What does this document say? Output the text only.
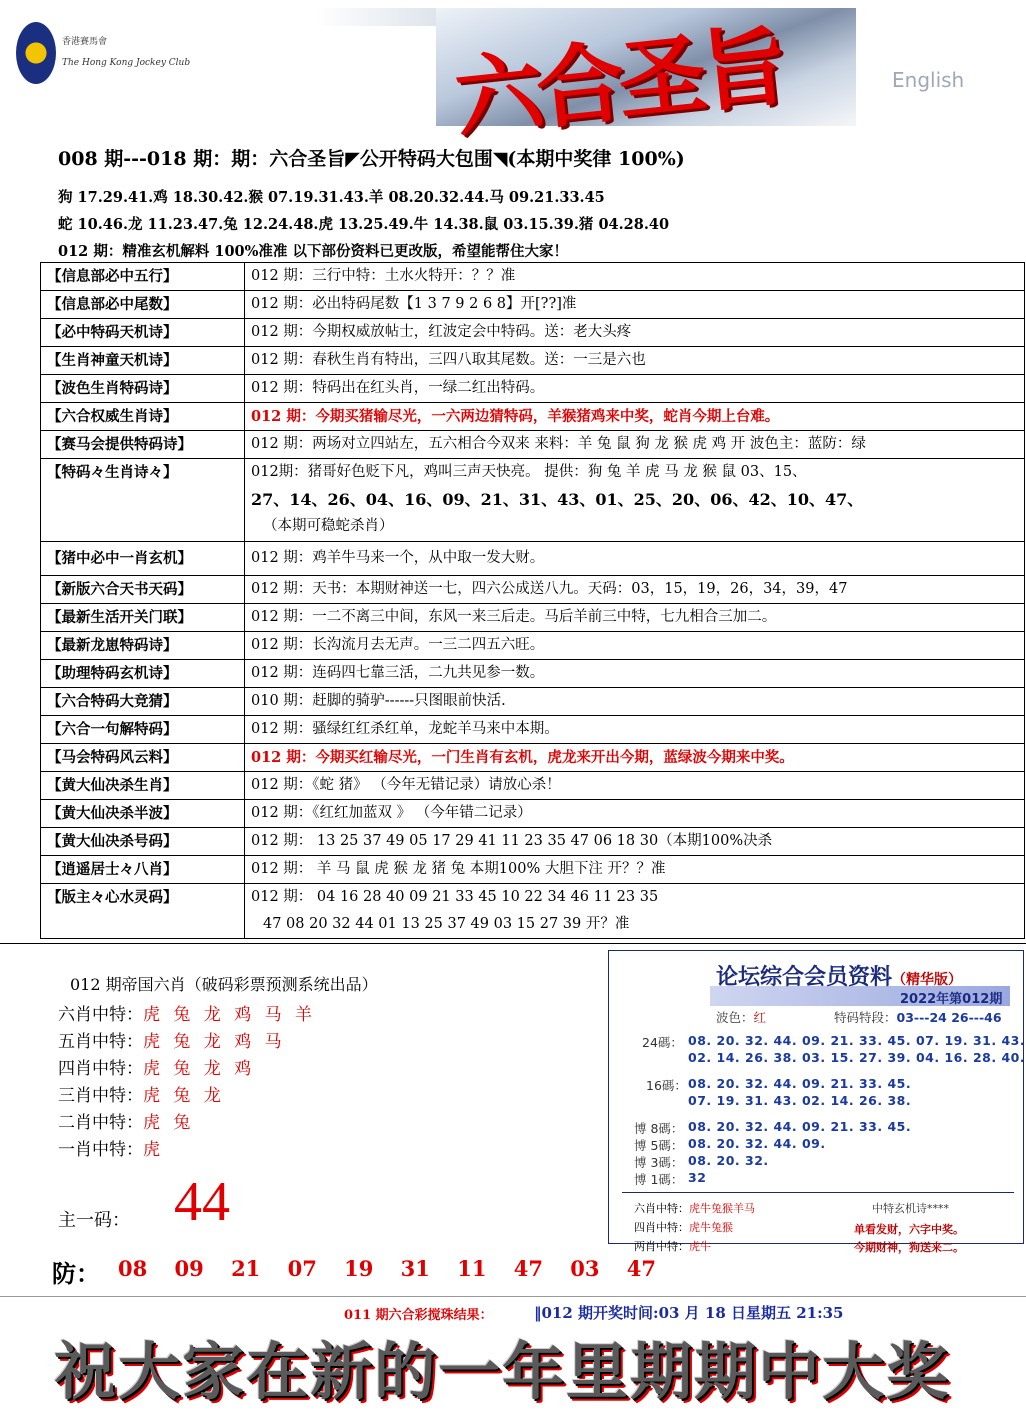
香港賽馬會
The Hong Kong Jockey Club	六合圣旨	English
008 期---018 期：期：六合圣旨◤公开特码大包围◥(本期中奖律 100%)
狗 17.29.41.鸡 18.30.42.猴 07.19.31.43.羊 08.20.32.44.马 09.21.33.45
蛇 10.46.龙 11.23.47.兔 12.24.48.虎 13.25.49.牛 14.38.鼠 03.15.39.猪 04.28.40
012 期：精准玄机解料 100%准准 以下部份资料已更改版，希望能帮住大家！
【信息部必中五行】	012 期：三行中特：土水火特开：？？准
【信息部必中尾数】	012 期：必出特码尾数【1 3 7 9 2 6 8】开[??]准
【必中特码天机诗】	012 期：今期权威放帖士，红波定会中特码。送：老大头疼
【生肖神童天机诗】	012 期：春秋生肖有特出，三四八取其尾数。送：一三是六也
【波色生肖特码诗】	012 期：特码出在红头肖，一绿二红出特码。
【六合权威生肖诗】	012 期：今期买猪输尽光，一六两边猜特码，羊猴猪鸡来中奖，蛇肖今期上台难。
【赛马会提供特码诗】	012 期：两场对立四站左，五六相合今双来 来料：羊 兔 鼠 狗 龙 猴 虎 鸡 开 波色主：蓝防：绿
【特码々生肖诗々】	012期：猪哥好色贬下凡，鸡叫三声天快亮。 提供：狗 兔 羊 虎 马 龙 猴 鼠 03、15、
27、14、26、04、16、09、21、31、43、01、25、20、06、42、10、47、
（本期可稳蛇杀肖）

【猪中必中一肖玄机】	012 期：鸡羊牛马来一个，从中取一发大财。
【新版六合天书天码】	012 期：天书：本期财神送一七，四六公成送八九。天码：03，15，19，26，34，39，47
【最新生活开关门联】	012 期：一二不离三中间，东风一来三后走。马后羊前三中特，七九相合三加二。
【最新龙崽特码诗】	012 期：长沟流月去无声。一三二四五六旺。
【助理特码玄机诗】	012 期：连码四七靠三活，二九共见参一数。
【六合特码大竞猜】	010 期：赶脚的骑驴------只图眼前快活.
【六合一句解特码】	012 期：骚绿红红杀红单，龙蛇羊马来中本期。
【马会特码风云料】	012 期：今期买红输尽光，一门生肖有玄机，虎龙来开出今期，蓝绿波今期来中奖。
【黄大仙决杀生肖】	012 期：《蛇 猪》 （今年无错记录）请放心杀！
【黄大仙决杀半波】	012 期：《红红加蓝双 》 （今年错二记录）
【黄大仙决杀号码】	012 期： 13 25 37 49 05 17 29 41 11 23 35 47 06 18 30（本期100%决杀
【逍遥居士々八肖】	012 期： 羊 马 鼠 虎 猴 龙 猪 兔 本期100% 大胆下注 开？？准
【版主々心水灵码】	012 期： 04 16 28 40 09 21 33 45 10 22 34 46 11 23 35
47 08 20 32 44 01 13 25 37 49 03 15 27 39 开？准
012 期帝国六肖（破码彩票预测系统出品）
六肖中特：虎 兔 龙 鸡 马 羊
五肖中特：虎 兔 龙 鸡 马
四肖中特：虎 兔 龙 鸡
三肖中特：虎 兔 龙
二肖中特：虎 兔
一肖中特：虎
主一码： 44
防： 08 09 21 07 19 31 11 47 03 47
论坛综合会员资料（精华版）
2022年第012期
波色：红	特码特段：03---24 26---46
24碼： 08. 20. 32. 44. 09. 21. 33. 45. 07. 19. 31. 43.
02. 14. 26. 38. 03. 15. 27. 39. 04. 16. 28. 40.
16碼： 08. 20. 32. 44. 09. 21. 33. 45.
07. 19. 31. 43. 02. 14. 26. 38.
博 8碼： 08. 20. 32. 44. 09. 21. 33. 45.
博 5碼： 08. 20. 32. 44. 09.
博 3碼： 08. 20. 32.
博 1碼： 32
六肖中特：虎牛兔猴羊马
四肖中特：虎牛兔猴
两肖中特：虎牛
中特玄机诗****
单看发财，六字中奖。
今期财神，狗送来二。
011 期六合彩搅珠结果：	‖012 期开奖时间:03 月 18 日星期五 21:35
祝大家在新的一年里期期中大奖
